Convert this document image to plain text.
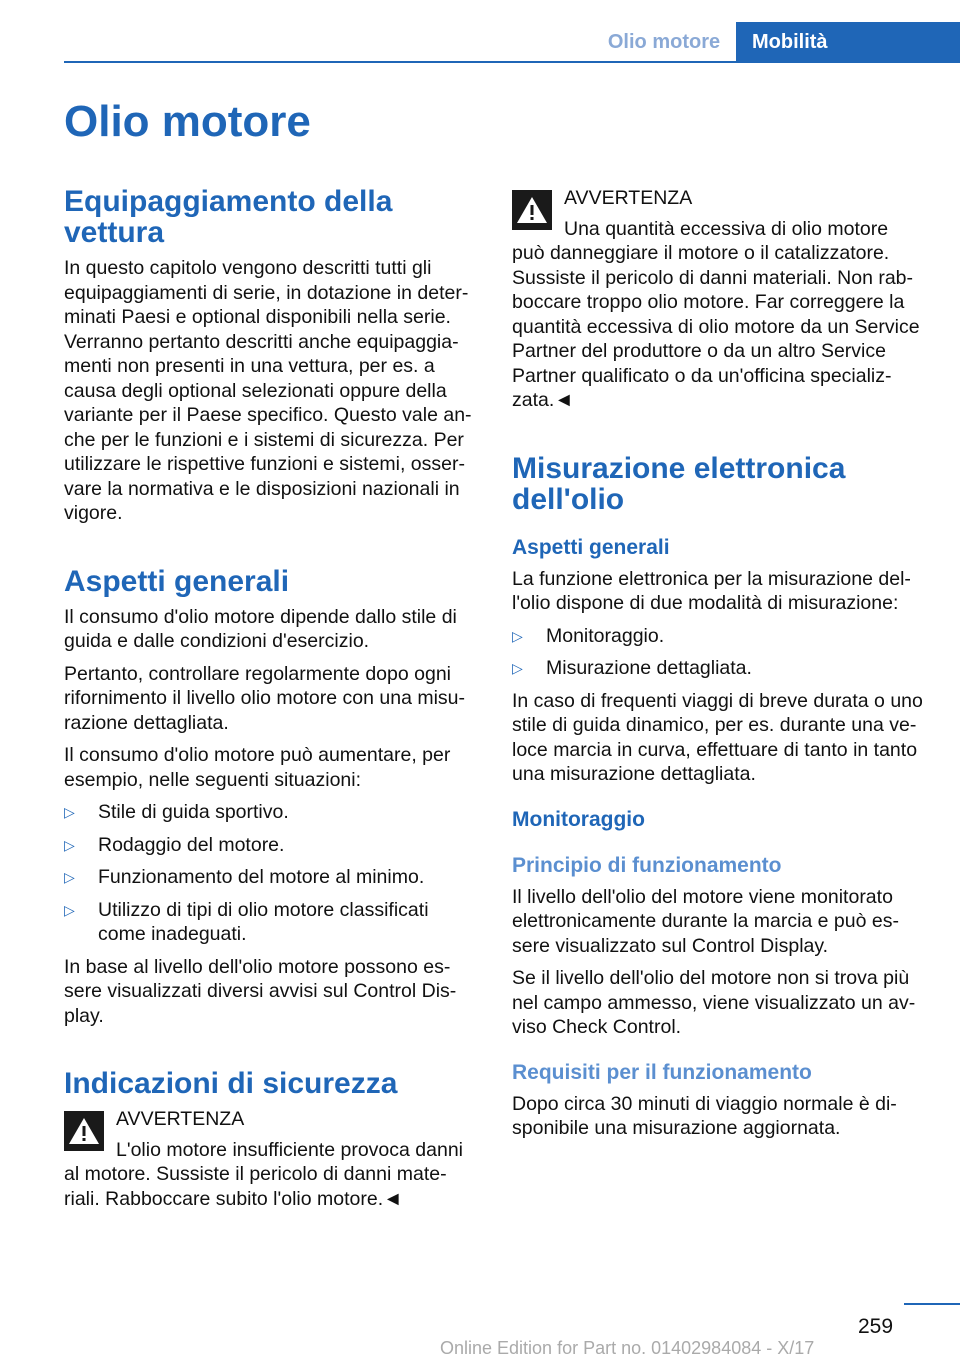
Olio motore	Mobilità
Olio motore
Equipaggiamento della vettura

In questo capitolo vengono descritti tutti gli equipaggiamenti di serie, in dotazione in deter-minati Paesi e optional disponibili nella serie. Verranno pertanto descritti anche equipaggia-menti non presenti in una vettura, per es. a causa degli optional selezionati oppure della variante per il Paese specifico. Questo vale an-che per le funzioni e i sistemi di sicurezza. Per utilizzare le rispettive funzioni e sistemi, osser-vare la normativa e le disposizioni nazionali in vigore.

Aspetti generali

Il consumo d'olio motore dipende dallo stile di guida e dalle condizioni d'esercizio.

Pertanto, controllare regolarmente dopo ogni rifornimento il livello olio motore con una misu-razione dettagliata.

Il consumo d'olio motore può aumentare, per esempio, nelle seguenti situazioni:

▷ Stile di guida sportivo.
▷ Rodaggio del motore.
▷ Funzionamento del motore al minimo.
▷ Utilizzo di tipi di olio motore classificati come inadeguati.

In base al livello dell'olio motore possono es-sere visualizzati diversi avvisi sul Control Dis-play.

Indicazioni di sicurezza
AVVERTENZA
L'olio motore insufficiente provoca danni al motore. Sussiste il pericolo di danni mate-riali. Rabboccare subito l'olio motore.◄
AVVERTENZA
Una quantità eccessiva di olio motore può danneggiare il motore o il catalizzatore. Sussiste il pericolo di danni materiali. Non rab-boccare troppo olio motore. Far correggere la quantità eccessiva di olio motore da un Service Partner del produttore o da un altro Service Partner qualificato o da un'officina specializ-zata.◄
Misurazione elettronica dell'olio
Aspetti generali

La funzione elettronica per la misurazione del-l'olio dispone di due modalità di misurazione:

▷ Monitoraggio.
▷ Misurazione dettagliata.

In caso di frequenti viaggi di breve durata o uno stile di guida dinamico, per es. durante una ve-loce marcia in curva, effettuare di tanto in tanto una misurazione dettagliata.

Monitoraggio
Principio di funzionamento

Il livello dell'olio del motore viene monitorato elettronicamente durante la marcia e può es-sere visualizzato sul Control Display.

Se il livello dell'olio del motore non si trova più nel campo ammesso, viene visualizzato un av-viso Check Control.

Requisiti per il funzionamento

Dopo circa 30 minuti di viaggio normale è di-sponibile una misurazione aggiornata.

259
Online Edition for Part no. 01402984084 - X/17
